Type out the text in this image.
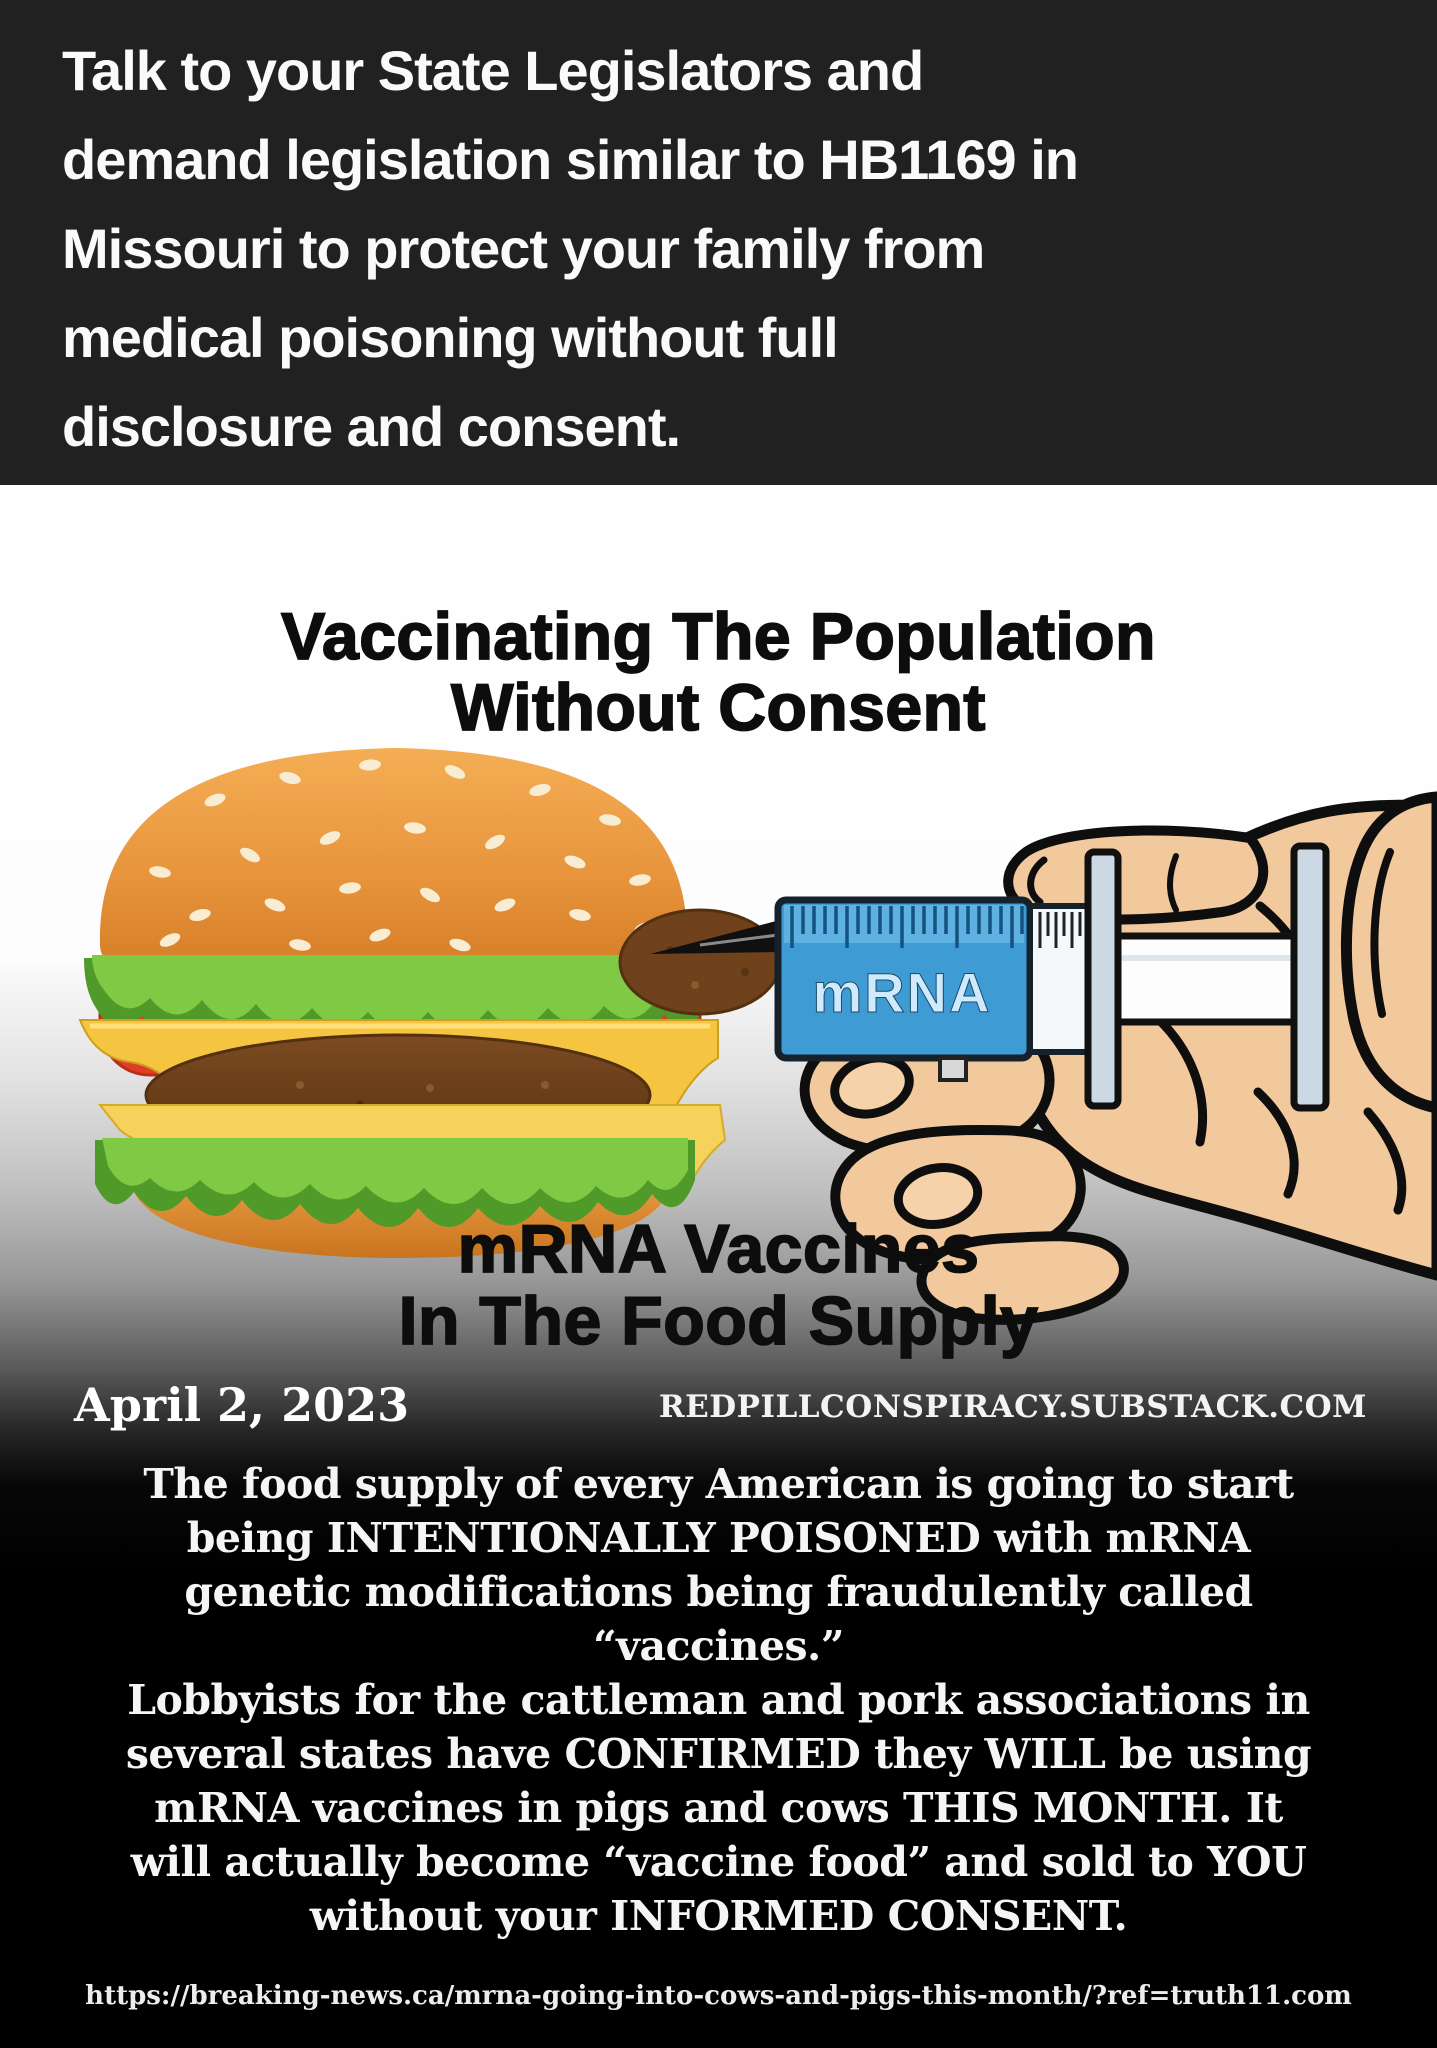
Talk to your State Legislators and
demand legislation similar to HB1169 in
Missouri to protect your family from
medical poisoning without full
disclosure and consent.
mRNA
Vaccinating The Population
Without Consent
mRNA Vaccines
In The Food Supply
April 2, 2023	REDPILLCONSPIRACY.SUBSTACK.COM
The food supply of every American is going to start
being INTENTIONALLY POISONED with mRNA
genetic modifications being fraudulently called
“vaccines.”
Lobbyists for the cattleman and pork associations in
several states have CONFIRMED they WILL be using
mRNA vaccines in pigs and cows THIS MONTH. It
will actually become “vaccine food” and sold to YOU
without your INFORMED CONSENT.
https://breaking-news.ca/mrna-going-into-cows-and-pigs-this-month/?ref=truth11.com
